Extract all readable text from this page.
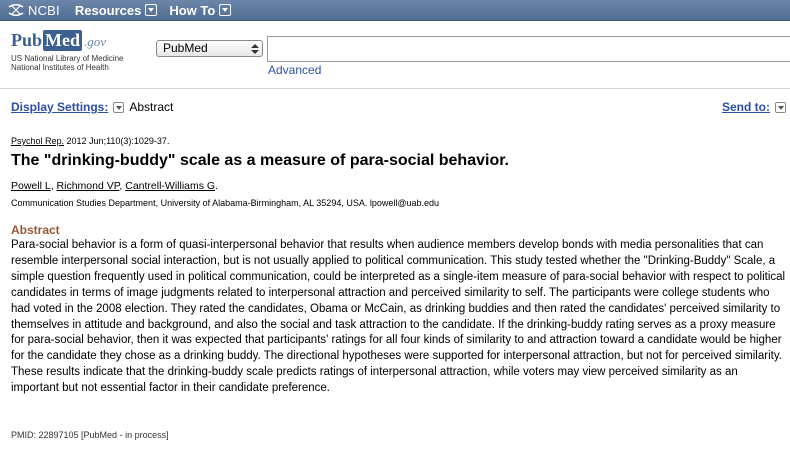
NCBI Resources How To
Pub Med .gov
US National Library of Medicine
National Institutes of Health
PubMed
Advanced
Display Settings: Abstract	Send to:
Psychol Rep. 2012 Jun;110(3):1029-37.
The "drinking-buddy" scale as a measure of para-social behavior.
Powell L, Richmond VP, Cantrell-Williams G.
Communication Studies Department, University of Alabama-Birmingham, AL 35294, USA. lpowell@uab.edu
Abstract
Para-social behavior is a form of quasi-interpersonal behavior that results when audience members develop bonds with media personalities that can resemble interpersonal social interaction, but is not usually applied to political communication. This study tested whether the "Drinking-Buddy" Scale, a simple question frequently used in political communication, could be interpreted as a single-item measure of para-social behavior with respect to political candidates in terms of image judgments related to interpersonal attraction and perceived similarity to self. The participants were college students who had voted in the 2008 election. They rated the candidates, Obama or McCain, as drinking buddies and then rated the candidates' perceived similarity to themselves in attitude and background, and also the social and task attraction to the candidate. If the drinking-buddy rating serves as a proxy measure for para-social behavior, then it was expected that participants' ratings for all four kinds of similarity to and attraction toward a candidate would be higher for the candidate they chose as a drinking buddy. The directional hypotheses were supported for interpersonal attraction, but not for perceived similarity. These results indicate that the drinking-buddy scale predicts ratings of interpersonal attraction, while voters may view perceived similarity as an important but not essential factor in their candidate preference.
PMID: 22897105 [PubMed - in process]
